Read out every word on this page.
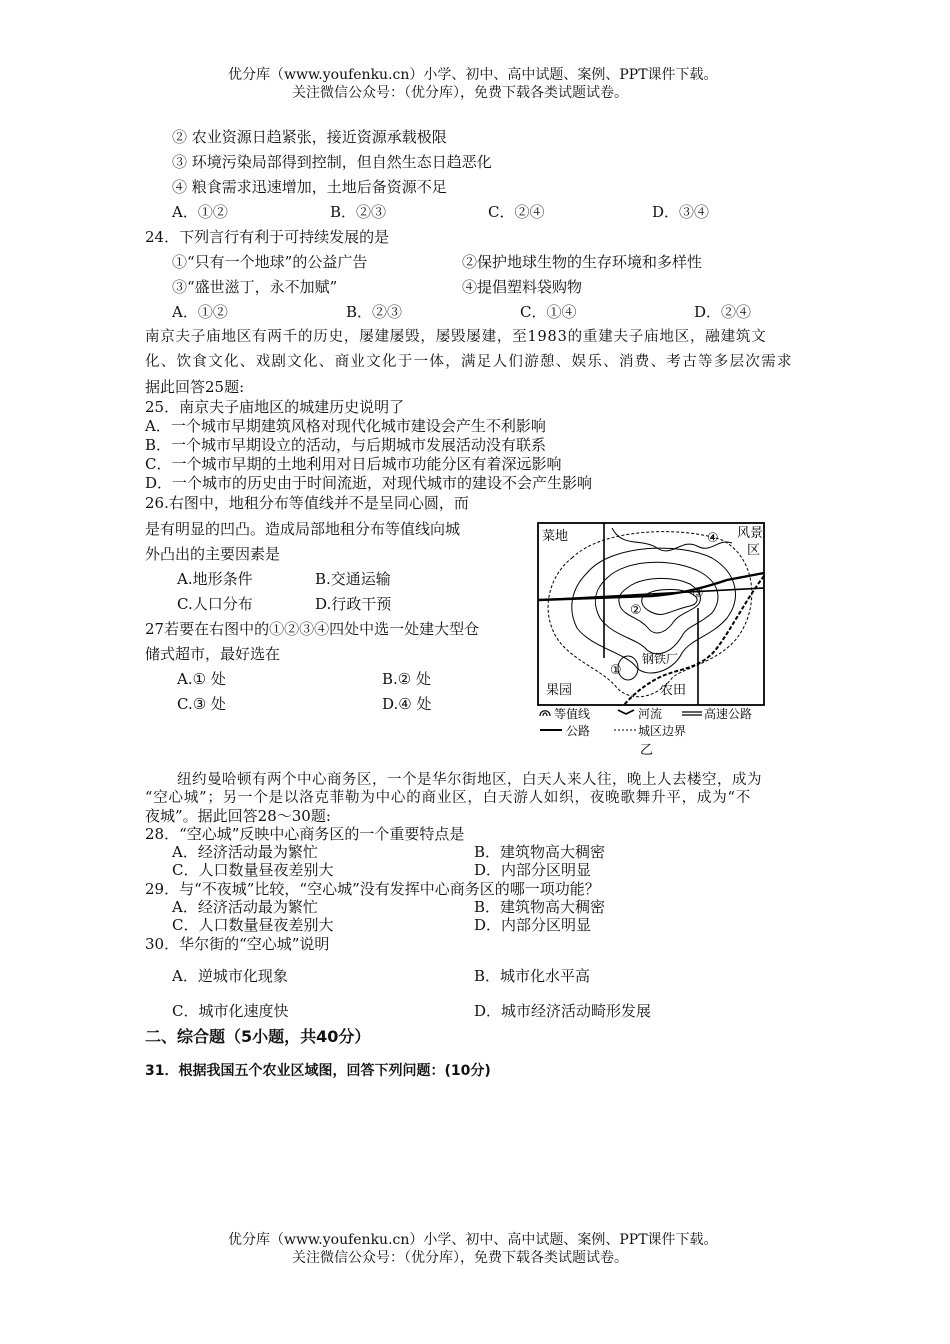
优分库（www.youfenku.cn）小学、初中、高中试题、案例、PPT课件下载。
关注微信公众号：（优分库），免费下载各类试题试卷。
② 农业资源日趋紧张，接近资源承载极限
③ 环境污染局部得到控制，但自然生态日趋恶化
④ 粮食需求迅速增加，土地后备资源不足
A．①②	B．②③	C．②④	D．③④
24．下列言行有利于可持续发展的是
①“只有一个地球”的公益广告	②保护地球生物的生存环境和多样性
③“盛世滋丁，永不加赋”	④提倡塑料袋购物
A．①②	B．②③	C．①④	D．②④
南京夫子庙地区有两千的历史，屡建屡毁，屡毁屡建，至1983的重建夫子庙地区，融建筑文
化、饮食文化、戏剧文化、商业文化于一体，满足人们游憩、娱乐、消费、考古等多层次需求
据此回答25题:
25．南京夫子庙地区的城建历史说明了
A．一个城市早期建筑风格对现代化城市建设会产生不利影响
B．一个城市早期设立的活动，与后期城市发展活动没有联系
C．一个城市早期的土地利用对日后城市功能分区有着深远影响
D．一个城市的历史由于时间流逝，对现代城市的建设不会产生影响
26.右图中，地租分布等值线并不是呈同心圆，而
是有明显的凹凸。造成局部地租分布等值线向城
外凸出的主要因素是
A.地形条件	B.交通运输
C.人口分布	D.行政干预
27若要在右图中的①②③④四处中选一处建大型仓
储式超市，最好选在
A.① 处	B.② 处
C.③ 处	D.④ 处
菜地	风景
区
④
③
②
①
钢铁厂
果园	农田
等值线	河流	高速公路
公路	城区边界
乙
纽约曼哈顿有两个中心商务区，一个是华尔街地区，白天人来人往，晚上人去楼空，成为
“空心城”；另一个是以洛克菲勒为中心的商业区，白天游人如织，夜晚歌舞升平，成为“不
夜城”。据此回答28～30题:
28．“空心城”反映中心商务区的一个重要特点是
A．经济活动最为繁忙	B．建筑物高大稠密
C．人口数量昼夜差别大	D．内部分区明显
29．与“不夜城”比较，“空心城”没有发挥中心商务区的哪一项功能？
A．经济活动最为繁忙	B．建筑物高大稠密
C．人口数量昼夜差别大	D．内部分区明显
30．华尔街的“空心城”说明
A．逆城市化现象	B．城市化水平高
C．城市化速度快	D．城市经济活动畸形发展
二、综合题（5小题，共40分）
31．根据我国五个农业区域图，回答下列问题：(10分)
优分库（www.youfenku.cn）小学、初中、高中试题、案例、PPT课件下载。
关注微信公众号：（优分库），免费下载各类试题试卷。
